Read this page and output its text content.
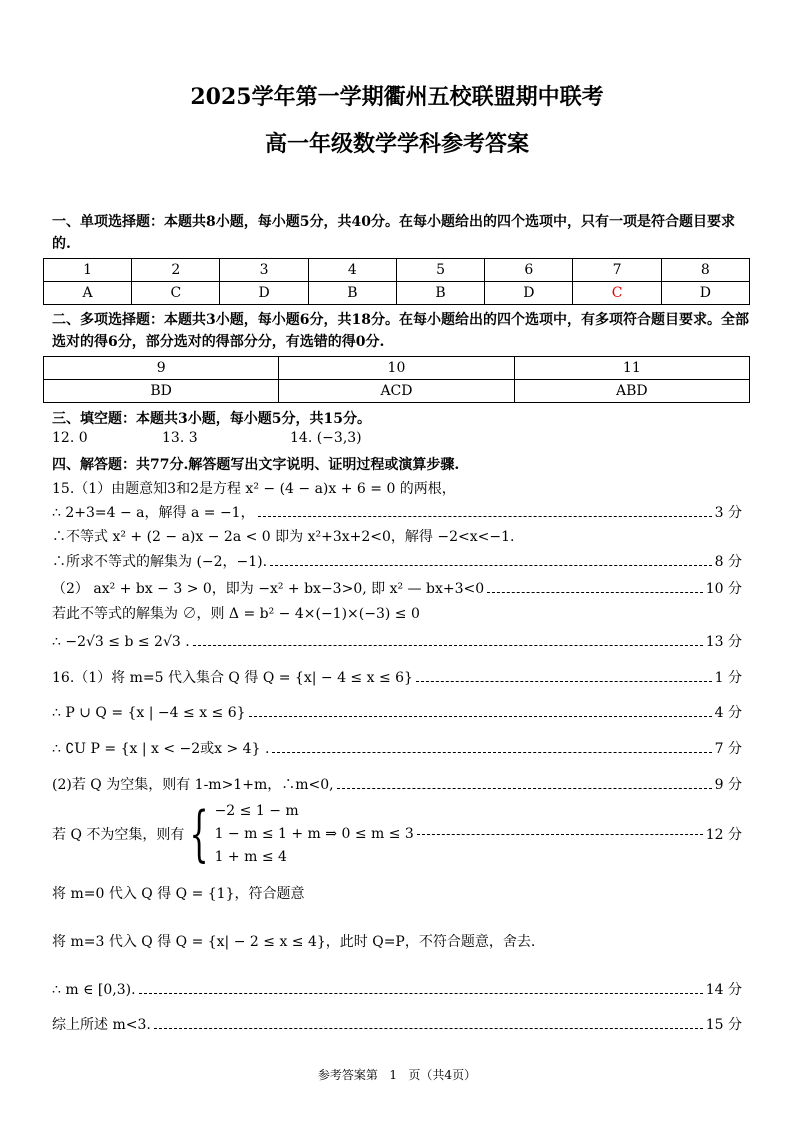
2025学年第一学期衢州五校联盟期中联考
高一年级数学学科参考答案
一、单项选择题：本题共8小题，每小题5分，共40分。在每小题给出的四个选项中，只有一项是符合题目要求的.
1	2	3	4	5	6	7	8
A	C	D	B	B	D	C	D
二、多项选择题：本题共3小题，每小题6分，共18分。在每小题给出的四个选项中，有多项符合题目要求。全部选对的得6分，部分选对的得部分分，有选错的得0分.
9	10	11
BD	ACD	ABD
三、填空题：本题共3小题，每小题5分，共15分。
12. 0	13. 3	14. (−3,3)
四、解答题：共77分.解答题写出文字说明、证明过程或演算步骤.
15.（1）由题意知3和2是方程 x² − (4 − a)x + 6 = 0 的两根，
∴ 2+3=4 − a，解得 a = −1，	3 分
∴不等式 x² + (2 − a)x − 2a < 0 即为 x²+3x+2<0，解得 −2<x<−1.
∴所求不等式的解集为 (−2，−1).	8 分
（2） ax² + bx − 3 > 0，即为 −x² + bx−3>0, 即 x² — bx+3<0	10 分
若此不等式的解集为 ∅，则 Δ = b² − 4×(−1)×(−3) ≤ 0
∴ −2√3 ≤ b ≤ 2√3 .	13 分
16.（1）将 m=5 代入集合 Q 得 Q = {x| − 4 ≤ x ≤ 6}	1 分
∴ P ∪ Q = {x | −4 ≤ x ≤ 6}	4 分
∴ ∁U P = {x | x < −2或x > 4} .	7 分
(2)若 Q 为空集，则有 1-m>1+m，∴m<0,	9 分
若 Q 不为空集，则有 { −2 ≤ 1 − m
1 − m ≤ 1 + m ⇒ 0 ≤ m ≤ 3
1 + m ≤ 4
12 分
将 m=0 代入 Q 得 Q = {1}，符合题意
将 m=3 代入 Q 得 Q = {x| − 2 ≤ x ≤ 4}，此时 Q=P，不符合题意，舍去.
∴ m ∈ [0,3).	14 分
综上所述 m<3.	15 分
参考答案第   1   页（共4页）
